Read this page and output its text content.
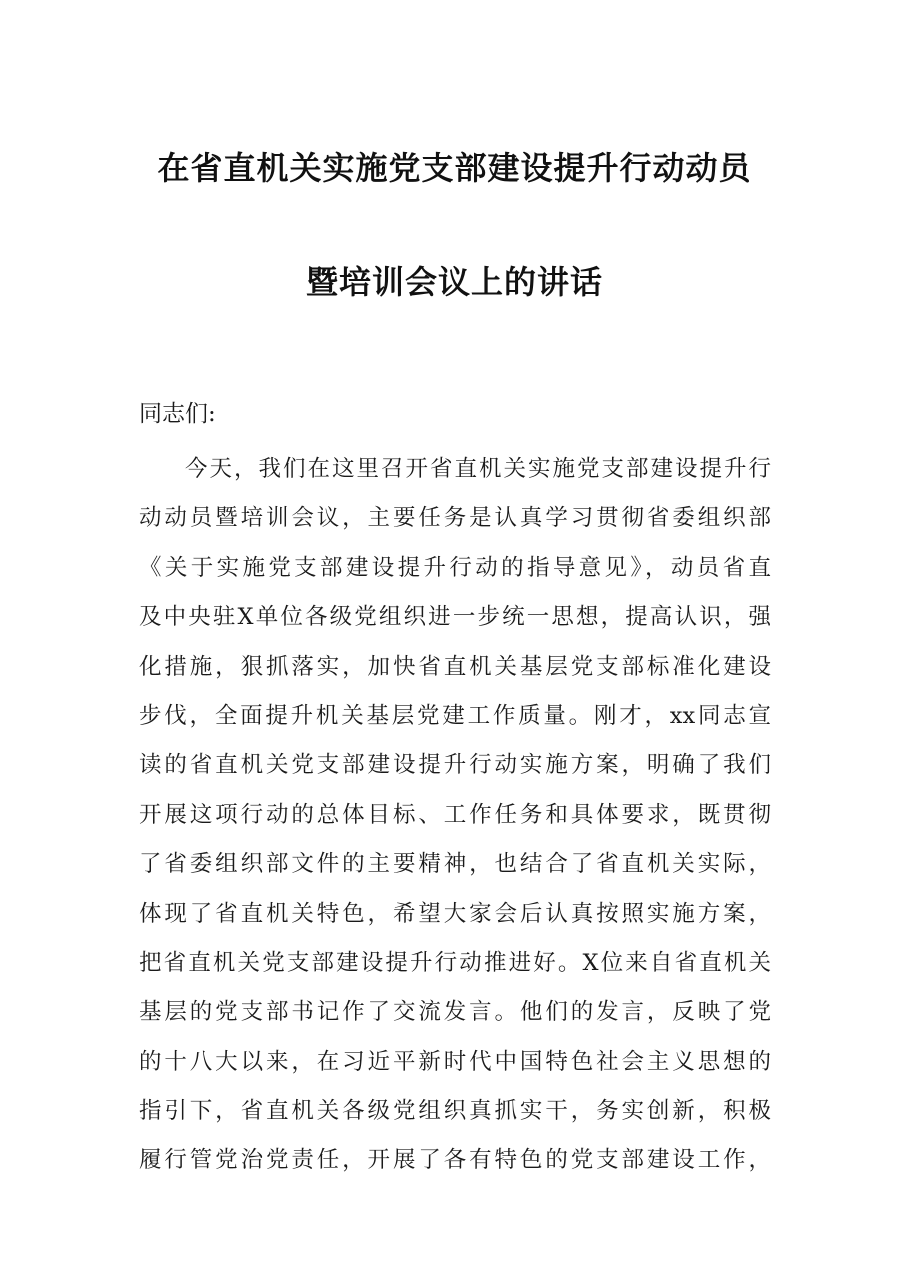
在省直机关实施党支部建设提升行动动员
暨培训会议上的讲话
同志们:
今天，我们在这里召开省直机关实施党支部建设提升行
动动员暨培训会议，主要任务是认真学习贯彻省委组织部
《关于实施党支部建设提升行动的指导意见》，动员省直
及中央驻X单位各级党组织进一步统一思想，提高认识，强
化措施，狠抓落实，加快省直机关基层党支部标准化建设
步伐，全面提升机关基层党建工作质量。刚才，xx同志宣
读的省直机关党支部建设提升行动实施方案，明确了我们
开展这项行动的总体目标、工作任务和具体要求，既贯彻
了省委组织部文件的主要精神，也结合了省直机关实际，
体现了省直机关特色，希望大家会后认真按照实施方案，
把省直机关党支部建设提升行动推进好。X位来自省直机关
基层的党支部书记作了交流发言。他们的发言，反映了党
的十八大以来，在习近平新时代中国特色社会主义思想的
指引下，省直机关各级党组织真抓实干，务实创新，积极
履行管党治党责任，开展了各有特色的党支部建设工作，
